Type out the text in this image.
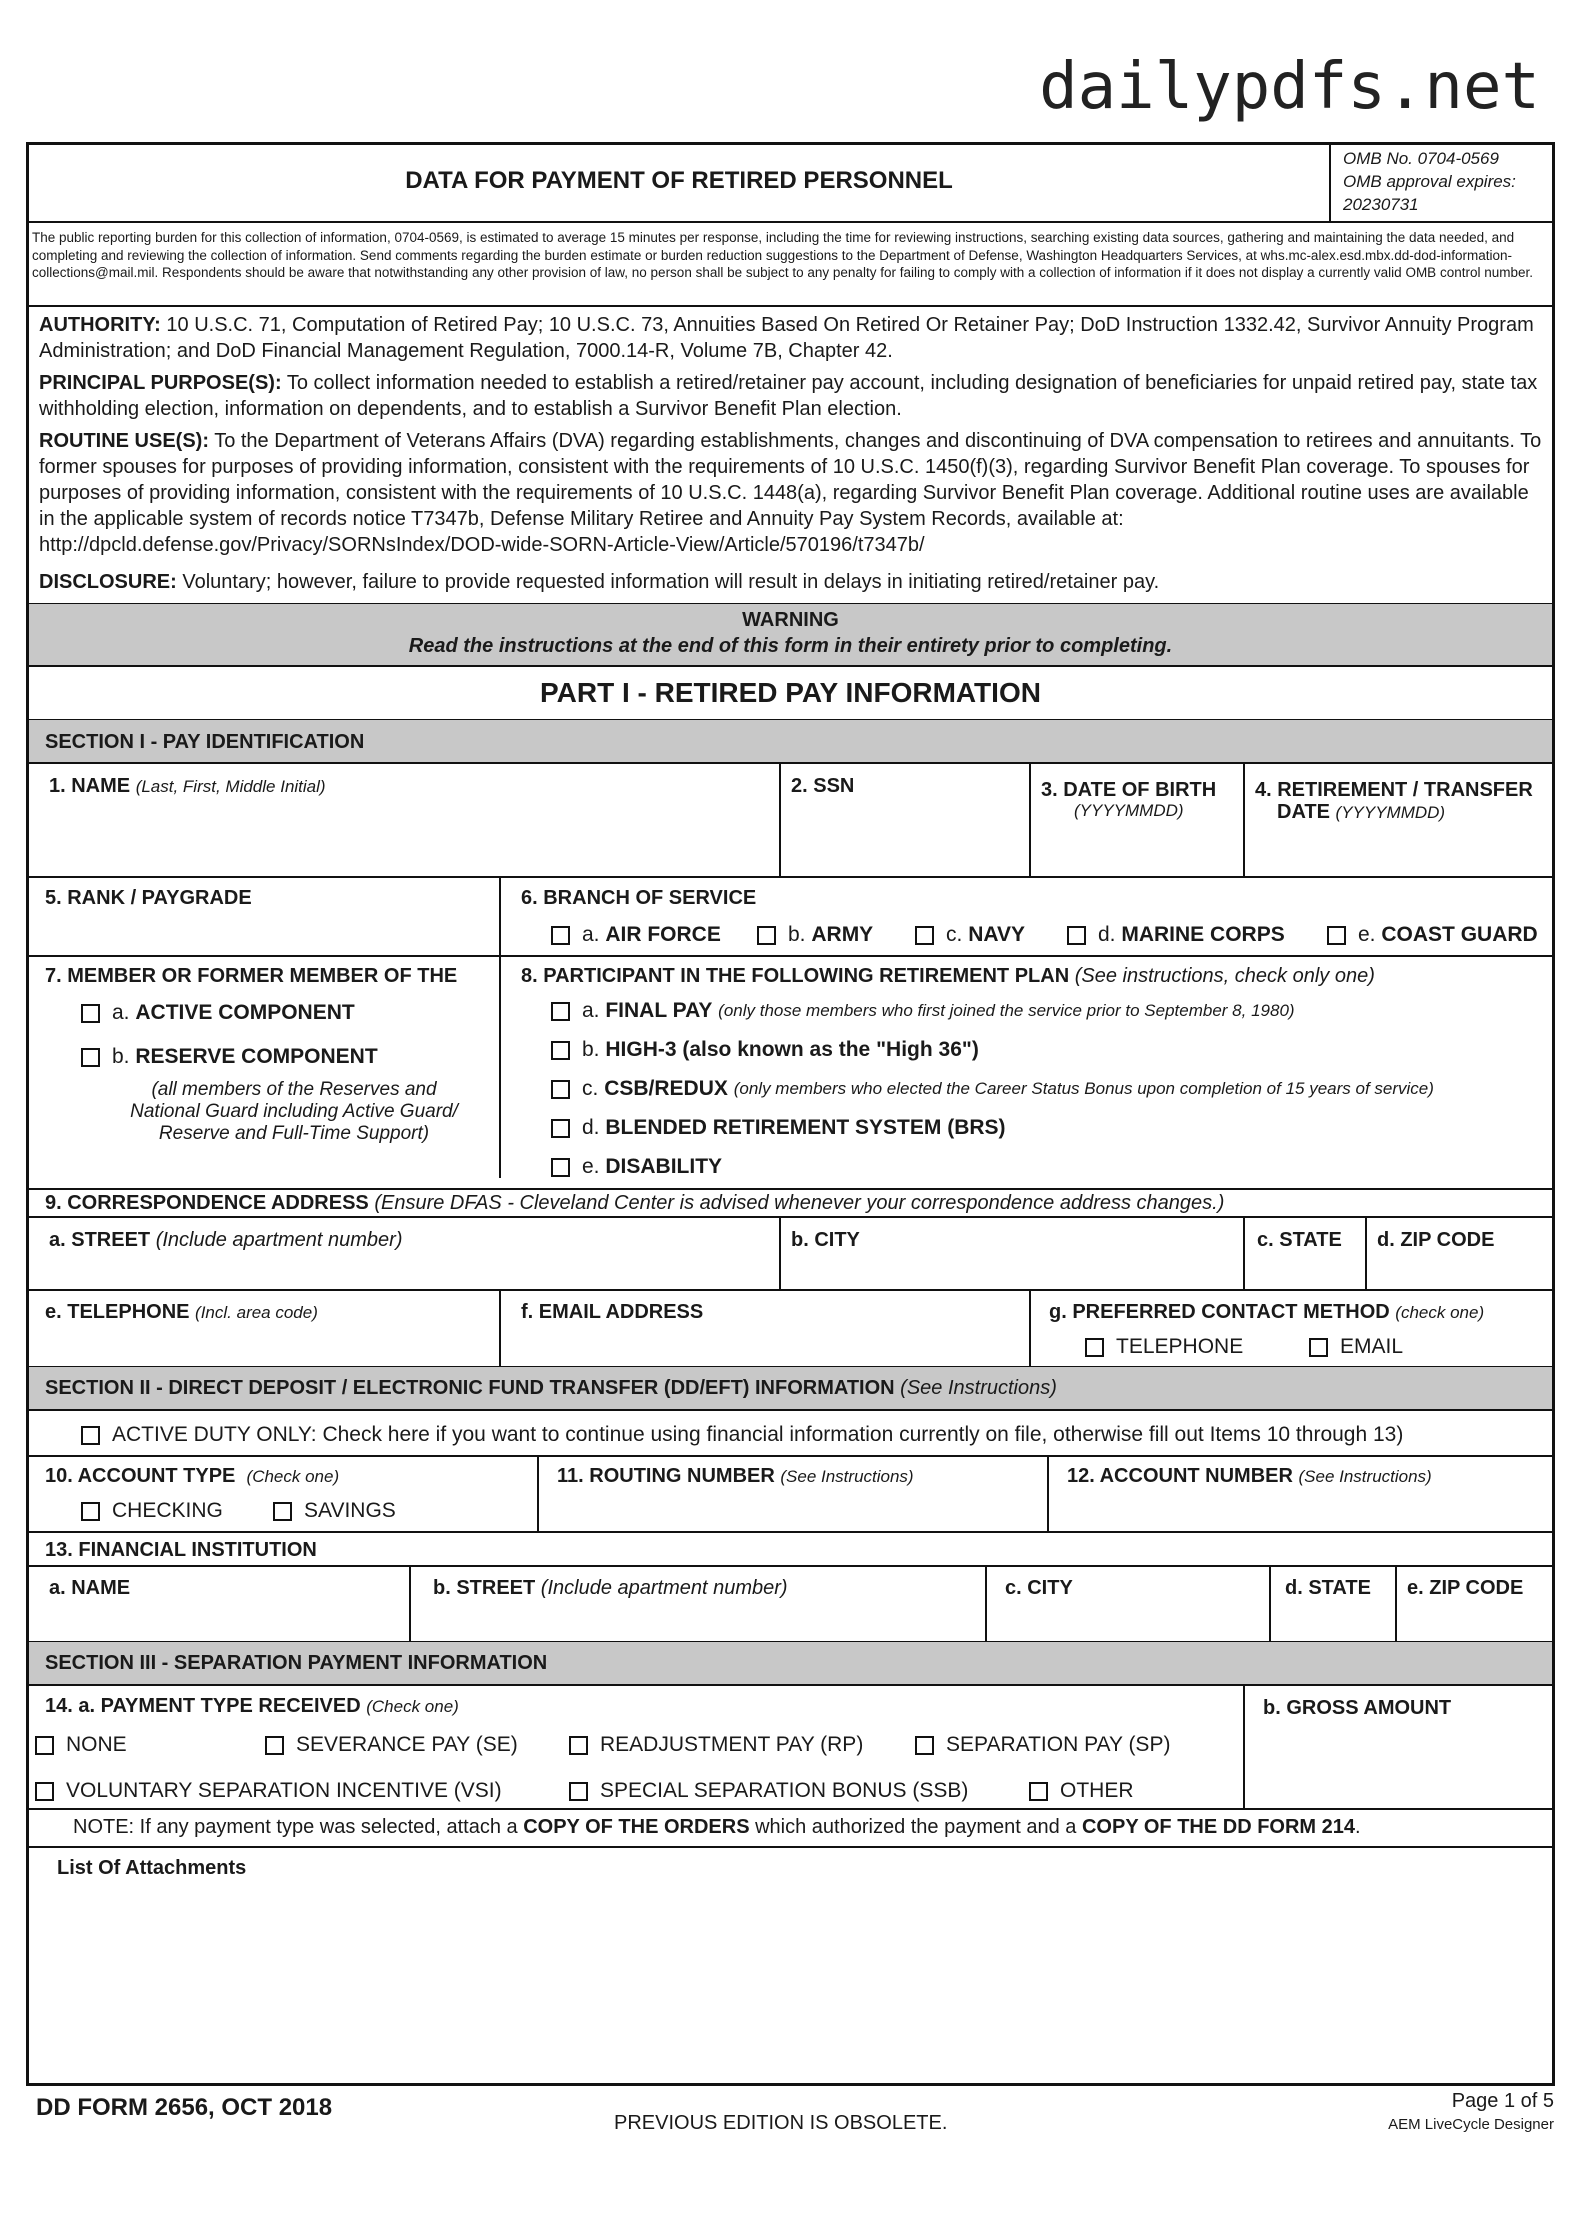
dailypdfs.net
DATA FOR PAYMENT OF RETIRED PERSONNEL
OMB No. 0704-0569
OMB approval expires:
20230731
The public reporting burden for this collection of information, 0704-0569, is estimated to average 15 minutes per response, including the time for reviewing instructions, searching existing data sources, gathering and maintaining the data needed, and completing and reviewing the collection of information. Send comments regarding the burden estimate or burden reduction suggestions to the Department of Defense, Washington Headquarters Services, at whs.mc-alex.esd.mbx.dd-dod-information-collections@mail.mil. Respondents should be aware that notwithstanding any other provision of law, no person shall be subject to any penalty for failing to comply with a collection of information if it does not display a currently valid OMB control number.
AUTHORITY: 10 U.S.C. 71, Computation of Retired Pay; 10 U.S.C. 73, Annuities Based On Retired Or Retainer Pay; DoD Instruction 1332.42, Survivor Annuity Program Administration; and DoD Financial Management Regulation, 7000.14-R, Volume 7B, Chapter 42.
PRINCIPAL PURPOSE(S): To collect information needed to establish a retired/retainer pay account, including designation of beneficiaries for unpaid retired pay, state tax withholding election, information on dependents, and to establish a Survivor Benefit Plan election.
ROUTINE USE(S): To the Department of Veterans Affairs (DVA) regarding establishments, changes and discontinuing of DVA compensation to retirees and annuitants. To former spouses for purposes of providing information, consistent with the requirements of 10 U.S.C. 1450(f)(3), regarding Survivor Benefit Plan coverage. To spouses for purposes of providing information, consistent with the requirements of 10 U.S.C. 1448(a), regarding Survivor Benefit Plan coverage. Additional routine uses are available in the applicable system of records notice T7347b, Defense Military Retiree and Annuity Pay System Records, available at: http://dpcld.defense.gov/Privacy/SORNsIndex/DOD-wide-SORN-Article-View/Article/570196/t7347b/
DISCLOSURE: Voluntary; however, failure to provide requested information will result in delays in initiating retired/retainer pay.
WARNING
Read the instructions at the end of this form in their entirety prior to completing.
PART I - RETIRED PAY INFORMATION
SECTION I - PAY IDENTIFICATION
1. NAME (Last, First, Middle Initial)	2. SSN	3. DATE OF BIRTH
(YYYYMMDD)
4. RETIREMENT / TRANSFER
DATE (YYYYMMDD)
5. RANK / PAYGRADE	6. BRANCH OF SERVICE
a.
AIR FORCE	b.
ARMY	c.
NAVY	d.
MARINE CORPS	e.
COAST GUARD
7. MEMBER OR FORMER MEMBER OF THE
a.
ACTIVE COMPONENT
b.
RESERVE COMPONENT
(all members of the Reserves and
National Guard including Active Guard/
Reserve and Full-Time Support)
8. PARTICIPANT IN THE FOLLOWING RETIREMENT PLAN (See instructions, check only one)
a.
FINAL PAY
(only those members who first joined the service prior to September 8, 1980)
b.
HIGH-3 (also known as the "High 36")
c.
CSB/REDUX
(only members who elected the Career Status Bonus upon completion of 15 years of service)
d.
BLENDED RETIREMENT SYSTEM (BRS)
e.
DISABILITY
9. CORRESPONDENCE ADDRESS (Ensure DFAS - Cleveland Center is advised whenever your correspondence address changes.)
a. STREET (Include apartment number)	b. CITY	c. STATE d. ZIP CODE
e. TELEPHONE (Incl. area code)	f. EMAIL ADDRESS	g. PREFERRED CONTACT METHOD (check one)
TELEPHONE	EMAIL
SECTION II - DIRECT DEPOSIT / ELECTRONIC FUND TRANSFER (DD/EFT) INFORMATION (See Instructions)
ACTIVE DUTY ONLY: Check here if you want to continue using financial information currently on file, otherwise fill out Items 10 through 13)
10. ACCOUNT TYPE (Check one)
CHECKING	SAVINGS
11. ROUTING NUMBER (See Instructions)	12. ACCOUNT NUMBER (See Instructions)
13. FINANCIAL INSTITUTION
a. NAME	b. STREET (Include apartment number)	c. CITY	d. STATE e. ZIP CODE
SECTION III - SEPARATION PAYMENT INFORMATION
14. a. PAYMENT TYPE RECEIVED (Check one)	b. GROSS AMOUNT
NONE	SEVERANCE PAY (SE)	READJUSTMENT PAY (RP)	SEPARATION PAY (SP)
VOLUNTARY SEPARATION INCENTIVE (VSI)	SPECIAL SEPARATION BONUS (SSB)	OTHER
NOTE: If any payment type was selected, attach a COPY OF THE ORDERS which authorized the payment and a COPY OF THE DD FORM 214.
List Of Attachments
DD FORM 2656, OCT 2018
PREVIOUS EDITION IS OBSOLETE.
Page 1 of 5
AEM LiveCycle Designer
